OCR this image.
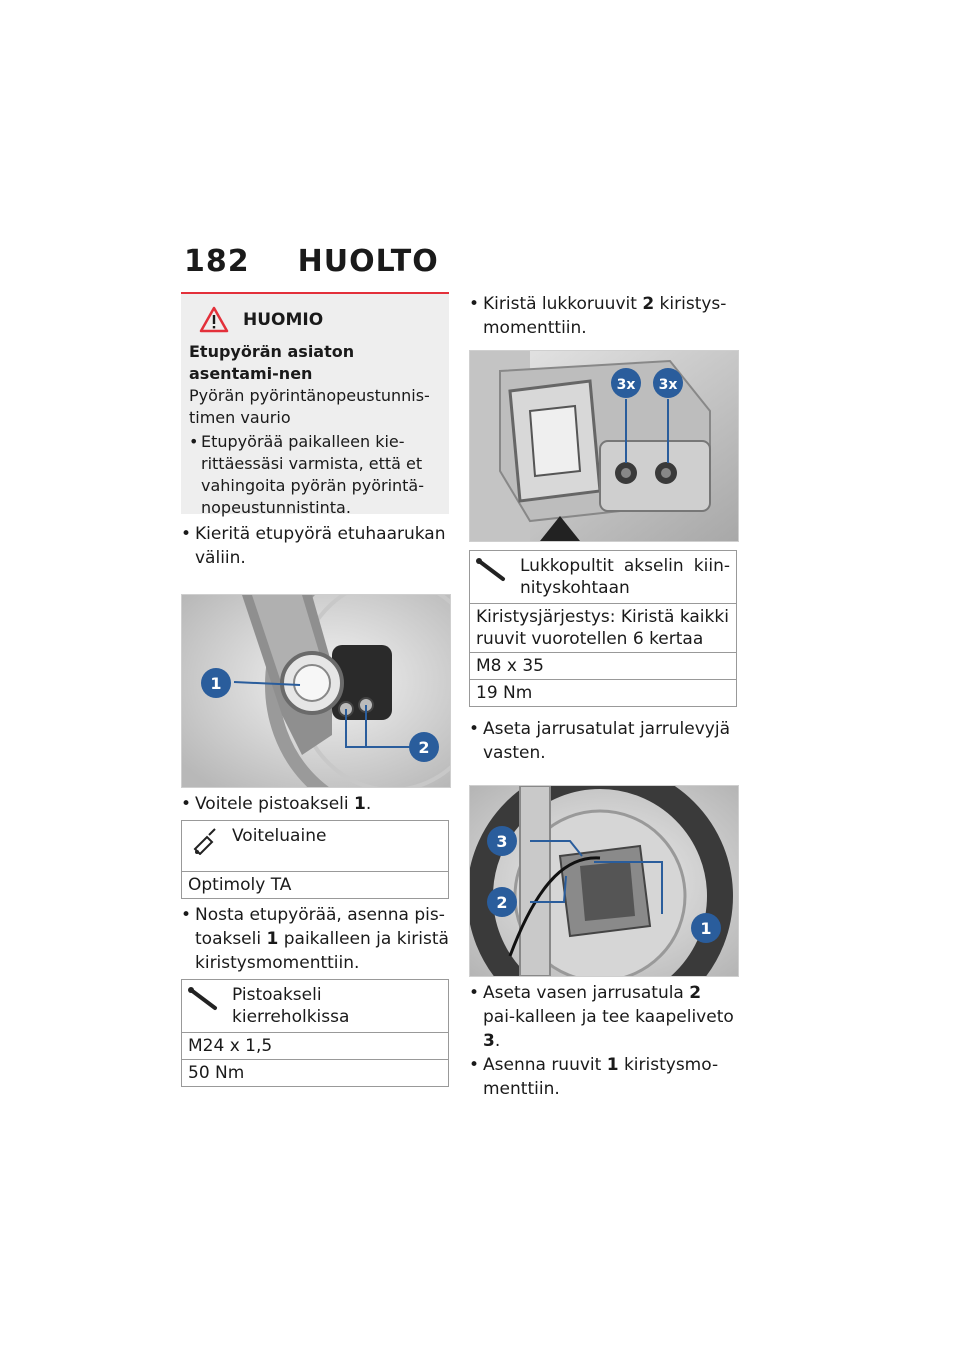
182 HUOLTO
HUOMIO
Etupyörän asiaton asentami-nen
Pyörän pyörintänopeustunnis-timen vaurio
• Etupyörää paikalleen kie-rittäessäsi varmista, että et vahingoita pyörän pyörintä-nopeustunnistinta.
• Kieritä etupyörä etuhaarukan väliin.
1
2
• Voitele pistoakseli 1.
Voiteluaine

Optimoly TA
• Nosta etupyörää, asenna pis-toakseli 1 paikalleen ja kiristä kiristysmomenttiin.
Pistoakseli kierreholkissa

M24 x 1,5
50 Nm
• Kiristä lukkoruuvit 2 kiristys-momenttiin.
3x 3x
Lukkopultit akselin kiin-nityskohtaan

Kiristysjärjestys: Kiristä kaikki ruuvit vuorotellen 6 kertaa
M8 x 35
19 Nm
• Aseta jarrusatulat jarrulevyjä vasten.
3
2
1
• Aseta vasen jarrusatula 2 pai-kalleen ja tee kaapeliveto 3.
• Asenna ruuvit 1 kiristysmo-menttiin.
